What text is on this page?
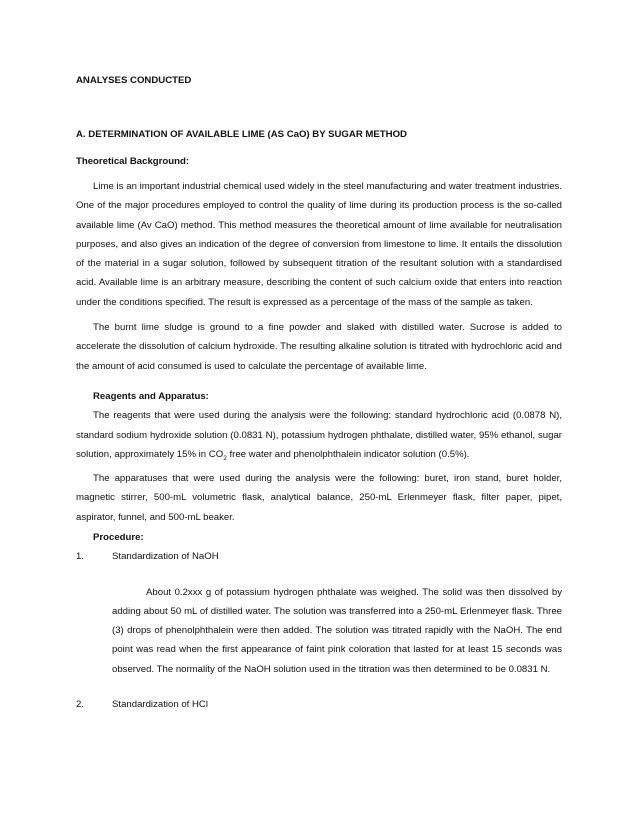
ANALYSES CONDUCTED

A. DETERMINATION OF AVAILABLE LIME (AS CaO) BY SUGAR METHOD

Theoretical Background:

Lime is an important industrial chemical used widely in the steel manufacturing and water treatment industries. One of the major procedures employed to control the quality of lime during its production process is the so-called available lime (Av CaO) method. This method measures the theoretical amount of lime available for neutralisation purposes, and also gives an indication of the degree of conversion from limestone to lime. It entails the dissolution of the material in a sugar solution, followed by subsequent titration of the resultant solution with a standardised acid. Available lime is an arbitrary measure, describing the content of such calcium oxide that enters into reaction under the conditions specified. The result is expressed as a percentage of the mass of the sample as taken.

The burnt lime sludge is ground to a fine powder and slaked with distilled water. Sucrose is added to accelerate the dissolution of calcium hydroxide. The resulting alkaline solution is titrated with hydrochloric acid and the amount of acid consumed is used to calculate the percentage of available lime.

Reagents and Apparatus:

The reagents that were used during the analysis were the following: standard hydrochloric acid (0.0878 N), standard sodium hydroxide solution (0.0831 N), potassium hydrogen phthalate, distilled water, 95% ethanol, sugar solution, approximately 15% in $CO_2$ free water and phenolphthalein indicator solution (0.5%).

The apparatuses that were used during the analysis were the following: buret, iron stand, buret holder, magnetic stirrer, 500-mL volumetric flask, analytical balance, 250-mL Erlenmeyer flask, filter paper, pipet, aspirator, funnel, and 500-mL beaker.

Procedure:

1.	Standardization of NaOH

About 0.2xxx g of potassium hydrogen phthalate was weighed. The solid was then dissolved by adding about 50 mL of distilled water. The solution was transferred into a 250-mL Erlenmeyer flask. Three (3) drops of phenolphthalein were then added. The solution was titrated rapidly with the NaOH. The end point was read when the first appearance of faint pink coloration that lasted for at least 15 seconds was observed. The normality of the NaOH solution used in the titration was then determined to be 0.0831 N.

2.	Standardization of HCl
